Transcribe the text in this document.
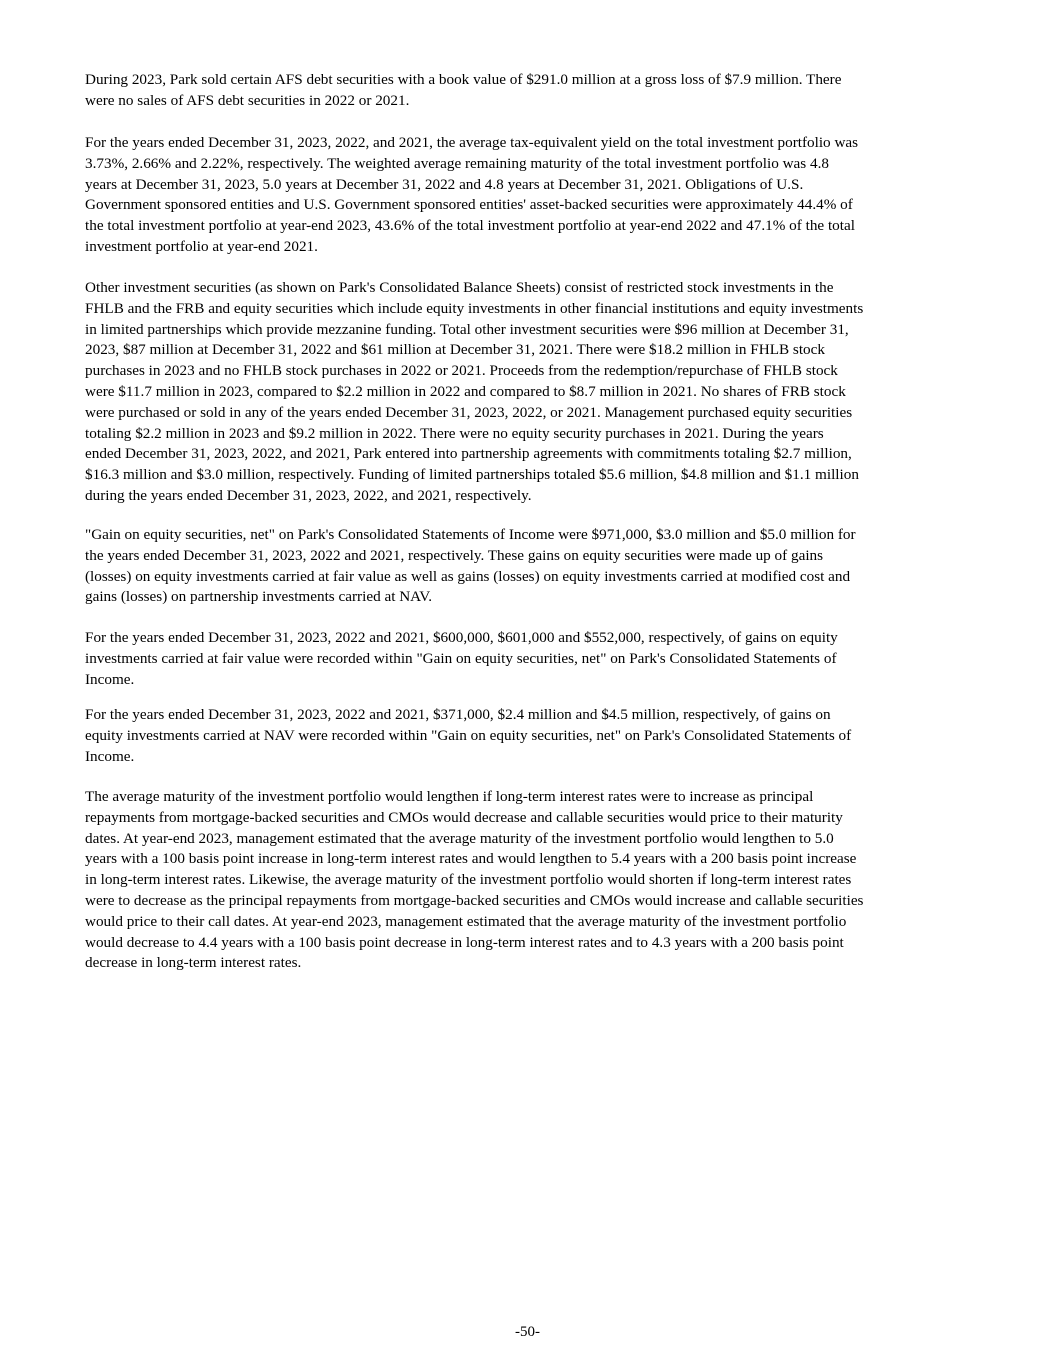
During 2023, Park sold certain AFS debt securities with a book value of $291.0 million at a gross loss of $7.9 million. There
were no sales of AFS debt securities in 2022 or 2021.
For the years ended December 31, 2023, 2022, and 2021, the average tax-equivalent yield on the total investment portfolio was
3.73%, 2.66% and 2.22%, respectively. The weighted average remaining maturity of the total investment portfolio was 4.8
years at December 31, 2023, 5.0 years at December 31, 2022 and 4.8 years at December 31, 2021. Obligations of U.S.
Government sponsored entities and U.S. Government sponsored entities' asset-backed securities were approximately 44.4% of
the total investment portfolio at year-end 2023, 43.6% of the total investment portfolio at year-end 2022 and 47.1% of the total
investment portfolio at year-end 2021.
Other investment securities (as shown on Park's Consolidated Balance Sheets) consist of restricted stock investments in the
FHLB and the FRB and equity securities which include equity investments in other financial institutions and equity investments
in limited partnerships which provide mezzanine funding. Total other investment securities were $96 million at December 31,
2023, $87 million at December 31, 2022 and $61 million at December 31, 2021. There were $18.2 million in FHLB stock
purchases in 2023 and no FHLB stock purchases in 2022 or 2021. Proceeds from the redemption/repurchase of FHLB stock
were $11.7 million in 2023, compared to $2.2 million in 2022 and compared to $8.7 million in 2021. No shares of FRB stock
were purchased or sold in any of the years ended December 31, 2023, 2022, or 2021. Management purchased equity securities
totaling $2.2 million in 2023 and $9.2 million in 2022. There were no equity security purchases in 2021. During the years
ended December 31, 2023, 2022, and 2021, Park entered into partnership agreements with commitments totaling $2.7 million,
$16.3 million and $3.0 million, respectively. Funding of limited partnerships totaled $5.6 million, $4.8 million and $1.1 million
during the years ended December 31, 2023, 2022, and 2021, respectively.
"Gain on equity securities, net" on Park's Consolidated Statements of Income were $971,000, $3.0 million and $5.0 million for
the years ended December 31, 2023, 2022 and 2021, respectively. These gains on equity securities were made up of gains
(losses) on equity investments carried at fair value as well as gains (losses) on equity investments carried at modified cost and
gains (losses) on partnership investments carried at NAV.
For the years ended December 31, 2023, 2022 and 2021, $600,000, $601,000 and $552,000, respectively, of gains on equity
investments carried at fair value were recorded within "Gain on equity securities, net" on Park's Consolidated Statements of
Income.
For the years ended December 31, 2023, 2022 and 2021, $371,000, $2.4 million and $4.5 million, respectively, of gains on
equity investments carried at NAV were recorded within "Gain on equity securities, net" on Park's Consolidated Statements of
Income.
The average maturity of the investment portfolio would lengthen if long-term interest rates were to increase as principal
repayments from mortgage-backed securities and CMOs would decrease and callable securities would price to their maturity
dates. At year-end 2023, management estimated that the average maturity of the investment portfolio would lengthen to 5.0
years with a 100 basis point increase in long-term interest rates and would lengthen to 5.4 years with a 200 basis point increase
in long-term interest rates. Likewise, the average maturity of the investment portfolio would shorten if long-term interest rates
were to decrease as the principal repayments from mortgage-backed securities and CMOs would increase and callable securities
would price to their call dates. At year-end 2023, management estimated that the average maturity of the investment portfolio
would decrease to 4.4 years with a 100 basis point decrease in long-term interest rates and to 4.3 years with a 200 basis point
decrease in long-term interest rates.
-50-
